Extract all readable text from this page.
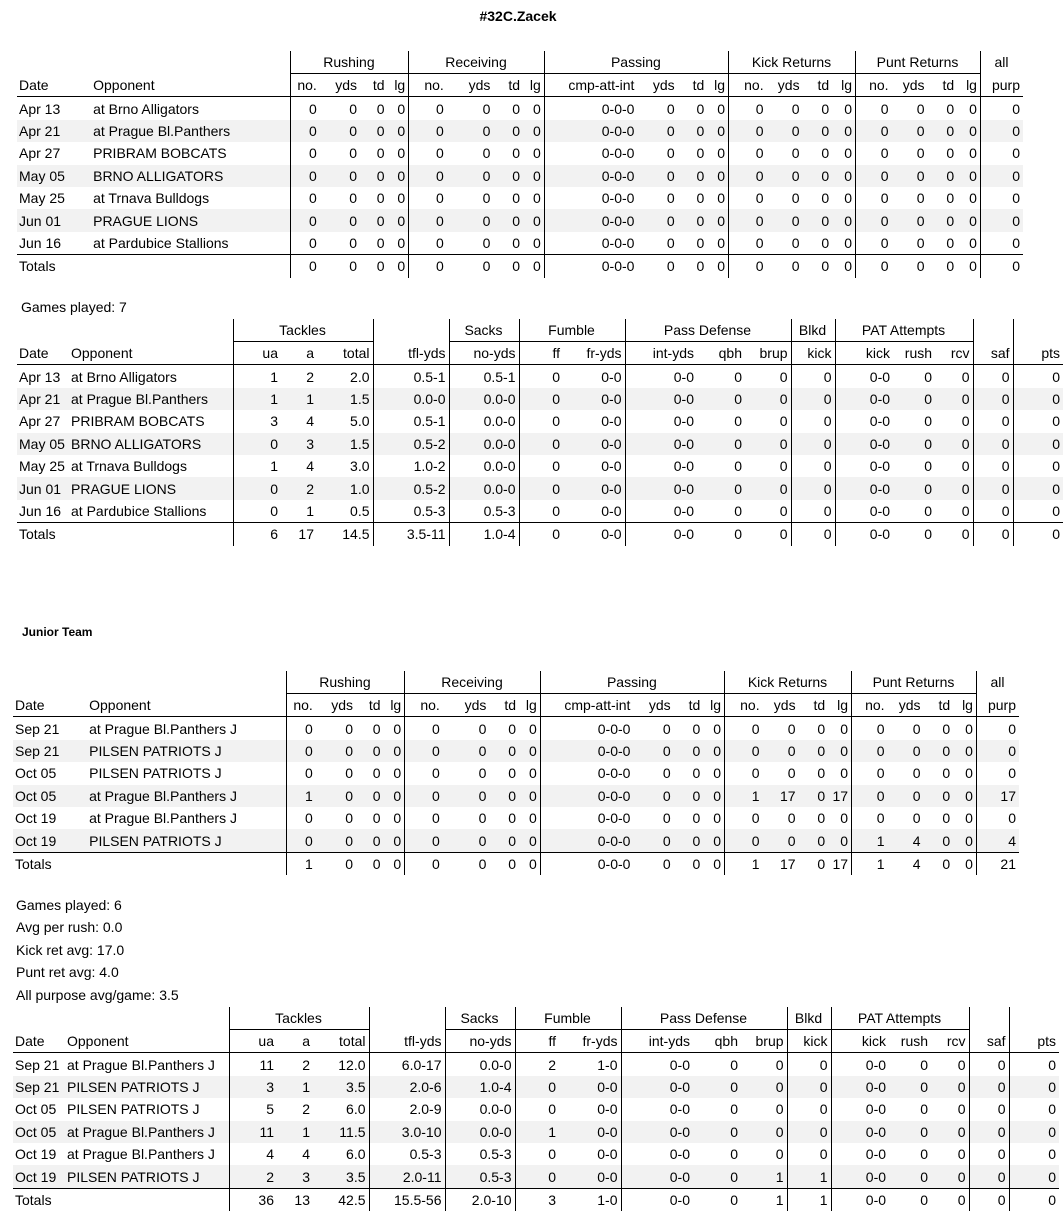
#32C.Zacek
		Rushing				Receiving				Passing				Kick Returns				Punt Returns				all
Date	Opponent	no.	yds	td	lg	no.	yds	td	lg	cmp-att-int	yds	td	lg	no.	yds	td	lg	no.	yds	td	lg	purp
Apr 13	at Brno Alligators	0	0	0	0	0	0	0	0	0-0-0	0	0	0	0	0	0	0	0	0	0	0	0
Apr 21	at Prague Bl.Panthers	0	0	0	0	0	0	0	0	0-0-0	0	0	0	0	0	0	0	0	0	0	0	0
Apr 27	PRIBRAM BOBCATS	0	0	0	0	0	0	0	0	0-0-0	0	0	0	0	0	0	0	0	0	0	0	0
May 05	BRNO ALLIGATORS	0	0	0	0	0	0	0	0	0-0-0	0	0	0	0	0	0	0	0	0	0	0	0
May 25	at Trnava Bulldogs	0	0	0	0	0	0	0	0	0-0-0	0	0	0	0	0	0	0	0	0	0	0	0
Jun 01	PRAGUE LIONS	0	0	0	0	0	0	0	0	0-0-0	0	0	0	0	0	0	0	0	0	0	0	0
Jun 16	at Pardubice Stallions	0	0	0	0	0	0	0	0	0-0-0	0	0	0	0	0	0	0	0	0	0	0	0
Totals		0	0	0	0	0	0	0	0	0-0-0	0	0	0	0	0	0	0	0	0	0	0	0
Games played: 7
		Tackles				Sacks	Fumble		Pass Defense			Blkd	PAT Attempts				
Date	Opponent	ua	a	total	tfl-yds	no-yds	ff	fr-yds	int-yds	qbh	brup	kick	kick	rush	rcv	saf	pts
Apr 13	at Brno Alligators	1	2	2.0	0.5-1	0.5-1	0	0-0	0-0	0	0	0	0-0	0	0	0	0
Apr 21	at Prague Bl.Panthers	1	1	1.5	0.0-0	0.0-0	0	0-0	0-0	0	0	0	0-0	0	0	0	0
Apr 27	PRIBRAM BOBCATS	3	4	5.0	0.5-1	0.0-0	0	0-0	0-0	0	0	0	0-0	0	0	0	0
May 05	BRNO ALLIGATORS	0	3	1.5	0.5-2	0.0-0	0	0-0	0-0	0	0	0	0-0	0	0	0	0
May 25	at Trnava Bulldogs	1	4	3.0	1.0-2	0.0-0	0	0-0	0-0	0	0	0	0-0	0	0	0	0
Jun 01	PRAGUE LIONS	0	2	1.0	0.5-2	0.0-0	0	0-0	0-0	0	0	0	0-0	0	0	0	0
Jun 16	at Pardubice Stallions	0	1	0.5	0.5-3	0.5-3	0	0-0	0-0	0	0	0	0-0	0	0	0	0
Totals		6	17	14.5	3.5-11	1.0-4	0	0-0	0-0	0	0	0	0-0	0	0	0	0
Junior Team
		Rushing				Receiving				Passing				Kick Returns				Punt Returns				all
Date	Opponent	no.	yds	td	lg	no.	yds	td	lg	cmp-att-int	yds	td	lg	no.	yds	td	lg	no.	yds	td	lg	purp
Sep 21	at Prague Bl.Panthers J	0	0	0	0	0	0	0	0	0-0-0	0	0	0	0	0	0	0	0	0	0	0	0
Sep 21	PILSEN PATRIOTS J	0	0	0	0	0	0	0	0	0-0-0	0	0	0	0	0	0	0	0	0	0	0	0
Oct 05	PILSEN PATRIOTS J	0	0	0	0	0	0	0	0	0-0-0	0	0	0	0	0	0	0	0	0	0	0	0
Oct 05	at Prague Bl.Panthers J	1	0	0	0	0	0	0	0	0-0-0	0	0	0	1	17	0	17	0	0	0	0	17
Oct 19	at Prague Bl.Panthers J	0	0	0	0	0	0	0	0	0-0-0	0	0	0	0	0	0	0	0	0	0	0	0
Oct 19	PILSEN PATRIOTS J	0	0	0	0	0	0	0	0	0-0-0	0	0	0	0	0	0	0	1	4	0	0	4
Totals		1	0	0	0	0	0	0	0	0-0-0	0	0	0	1	17	0	17	1	4	0	0	21
Games played: 6
Avg per rush: 0.0
Kick ret avg: 17.0
Punt ret avg: 4.0
All purpose avg/game: 3.5
		Tackles				Sacks	Fumble		Pass Defense			Blkd	PAT Attempts				
Date	Opponent	ua	a	total	tfl-yds	no-yds	ff	fr-yds	int-yds	qbh	brup	kick	kick	rush	rcv	saf	pts
Sep 21	at Prague Bl.Panthers J	11	2	12.0	6.0-17	0.0-0	2	1-0	0-0	0	0	0	0-0	0	0	0	0
Sep 21	PILSEN PATRIOTS J	3	1	3.5	2.0-6	1.0-4	0	0-0	0-0	0	0	0	0-0	0	0	0	0
Oct 05	PILSEN PATRIOTS J	5	2	6.0	2.0-9	0.0-0	0	0-0	0-0	0	0	0	0-0	0	0	0	0
Oct 05	at Prague Bl.Panthers J	11	1	11.5	3.0-10	0.0-0	1	0-0	0-0	0	0	0	0-0	0	0	0	0
Oct 19	at Prague Bl.Panthers J	4	4	6.0	0.5-3	0.5-3	0	0-0	0-0	0	0	0	0-0	0	0	0	0
Oct 19	PILSEN PATRIOTS J	2	3	3.5	2.0-11	0.5-3	0	0-0	0-0	0	1	1	0-0	0	0	0	0
Totals		36	13	42.5	15.5-56	2.0-10	3	1-0	0-0	0	1	1	0-0	0	0	0	0
